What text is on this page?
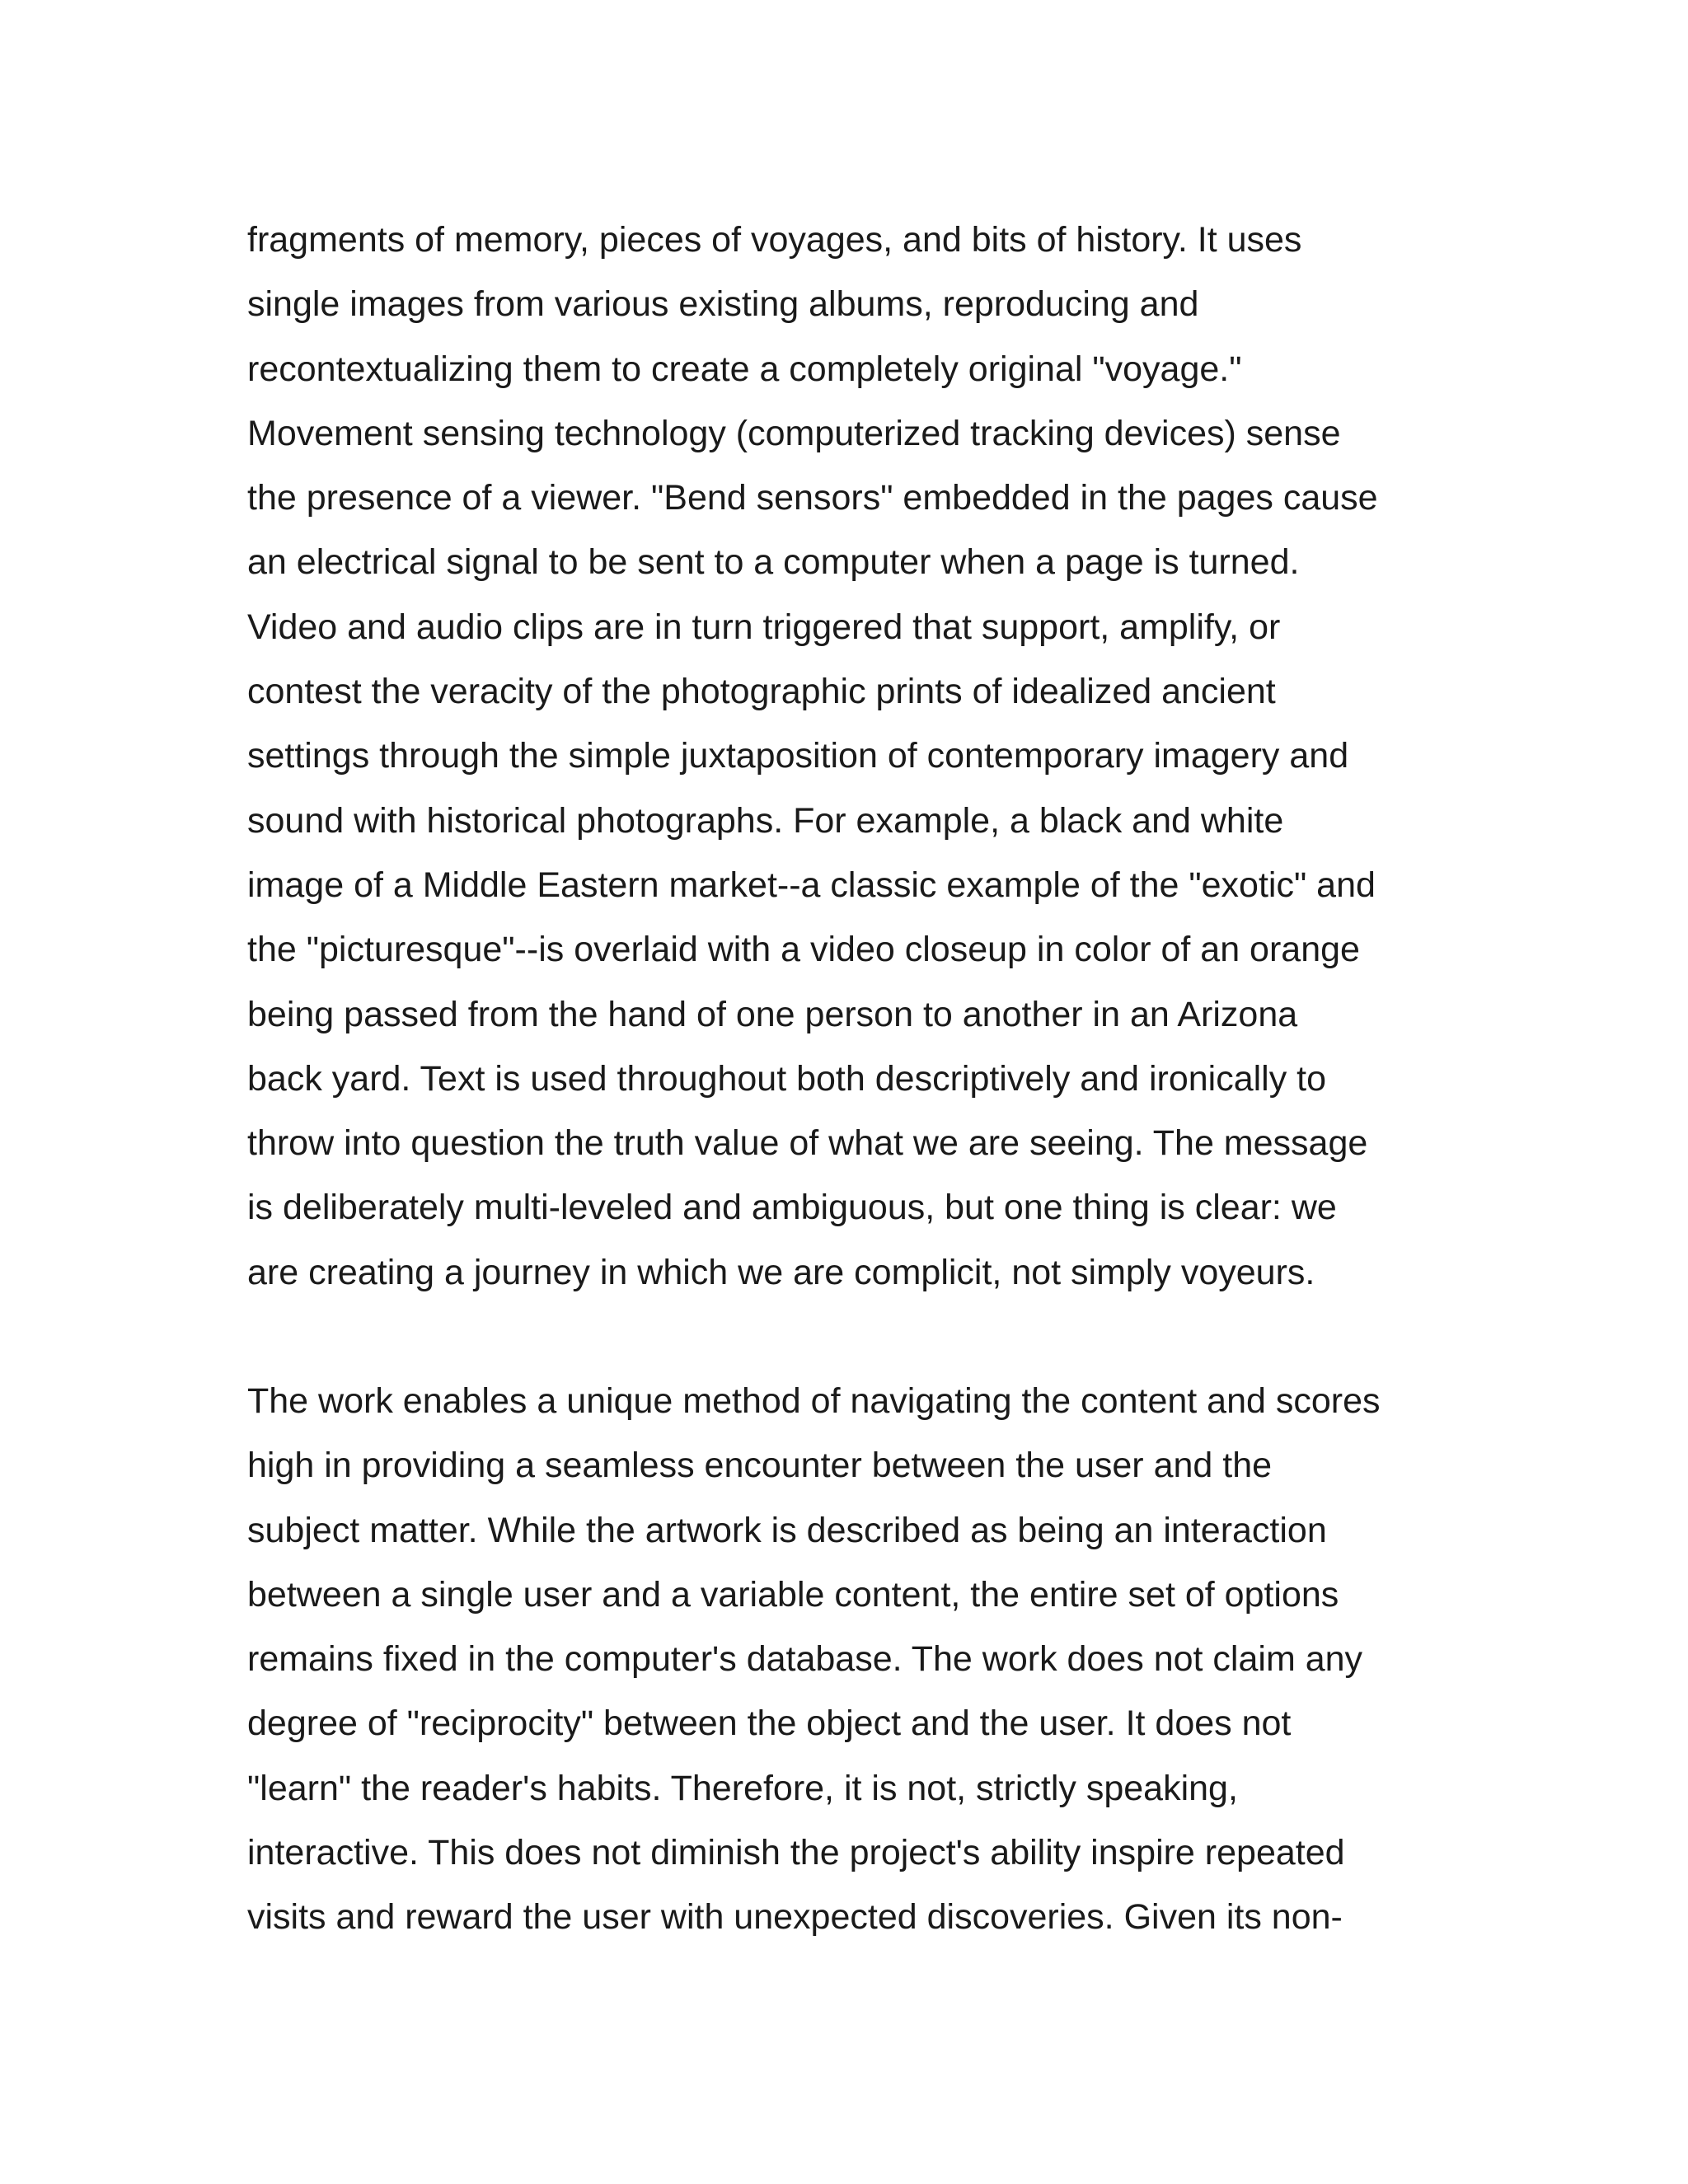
fragments of memory, pieces of voyages, and bits of history. It uses
single images from various existing albums, reproducing and
recontextualizing them to create a completely original "voyage."
Movement sensing technology (computerized tracking devices) sense
the presence of a viewer. "Bend sensors" embedded in the pages cause
an electrical signal to be sent to a computer when a page is turned.
Video and audio clips are in turn triggered that support, amplify, or
contest the veracity of the photographic prints of idealized ancient
settings through the simple juxtaposition of contemporary imagery and
sound with historical photographs. For example, a black and white
image of a Middle Eastern market--a classic example of the "exotic" and
the "picturesque"--is overlaid with a video closeup in color of an orange
being passed from the hand of one person to another in an Arizona
back yard. Text is used throughout both descriptively and ironically to
throw into question the truth value of what we are seeing. The message
is deliberately multi-leveled and ambiguous, but one thing is clear: we
are creating a journey in which we are complicit, not simply voyeurs.
The work enables a unique method of navigating the content and scores
high in providing a seamless encounter between the user and the
subject matter. While the artwork is described as being an interaction
between a single user and a variable content, the entire set of options
remains fixed in the computer's database. The work does not claim any
degree of "reciprocity" between the object and the user. It does not
"learn" the reader's habits. Therefore, it is not, strictly speaking,
interactive. This does not diminish the project's ability inspire repeated
visits and reward the user with unexpected discoveries. Given its non-
